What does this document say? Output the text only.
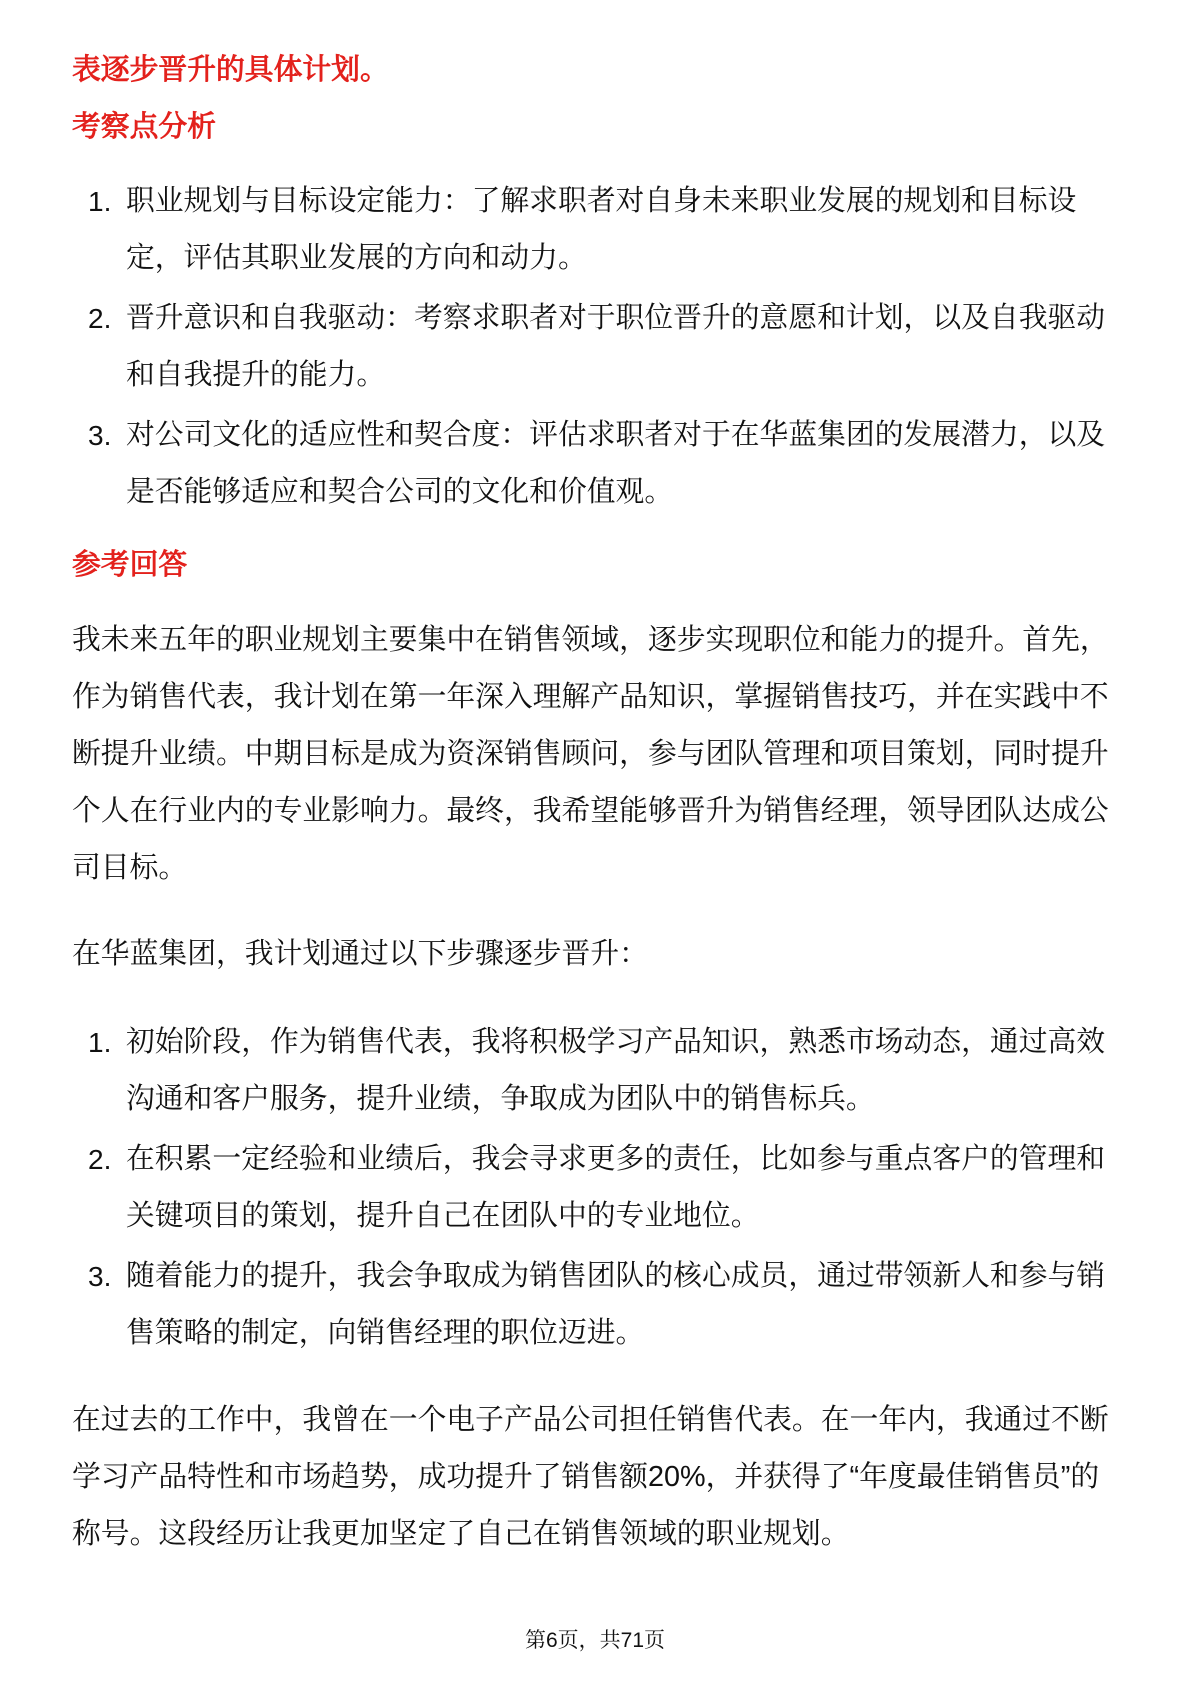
表逐步晋升的具体计划。
考察点分析
1. 职业规划与目标设定能力：了解求职者对自身未来职业发展的规划和目标设
定，评估其职业发展的方向和动力。
2. 晋升意识和自我驱动：考察求职者对于职位晋升的意愿和计划，以及自我驱动
和自我提升的能力。
3. 对公司文化的适应性和契合度：评估求职者对于在华蓝集团的发展潜力，以及
是否能够适应和契合公司的文化和价值观。
参考回答
我未来五年的职业规划主要集中在销售领域，逐步实现职位和能力的提升。首先，
作为销售代表，我计划在第一年深入理解产品知识，掌握销售技巧，并在实践中不
断提升业绩。中期目标是成为资深销售顾问，参与团队管理和项目策划，同时提升
个人在行业内的专业影响力。最终，我希望能够晋升为销售经理，领导团队达成公
司目标。
在华蓝集团，我计划通过以下步骤逐步晋升：
1. 初始阶段，作为销售代表，我将积极学习产品知识，熟悉市场动态，通过高效
沟通和客户服务，提升业绩，争取成为团队中的销售标兵。
2. 在积累一定经验和业绩后，我会寻求更多的责任，比如参与重点客户的管理和
关键项目的策划，提升自己在团队中的专业地位。
3. 随着能力的提升，我会争取成为销售团队的核心成员，通过带领新人和参与销
售策略的制定，向销售经理的职位迈进。
在过去的工作中，我曾在一个电子产品公司担任销售代表。在一年内，我通过不断
学习产品特性和市场趋势，成功提升了销售额20%，并获得了“年度最佳销售员”的
称号。这段经历让我更加坚定了自己在销售领域的职业规划。
第6页，共71页
